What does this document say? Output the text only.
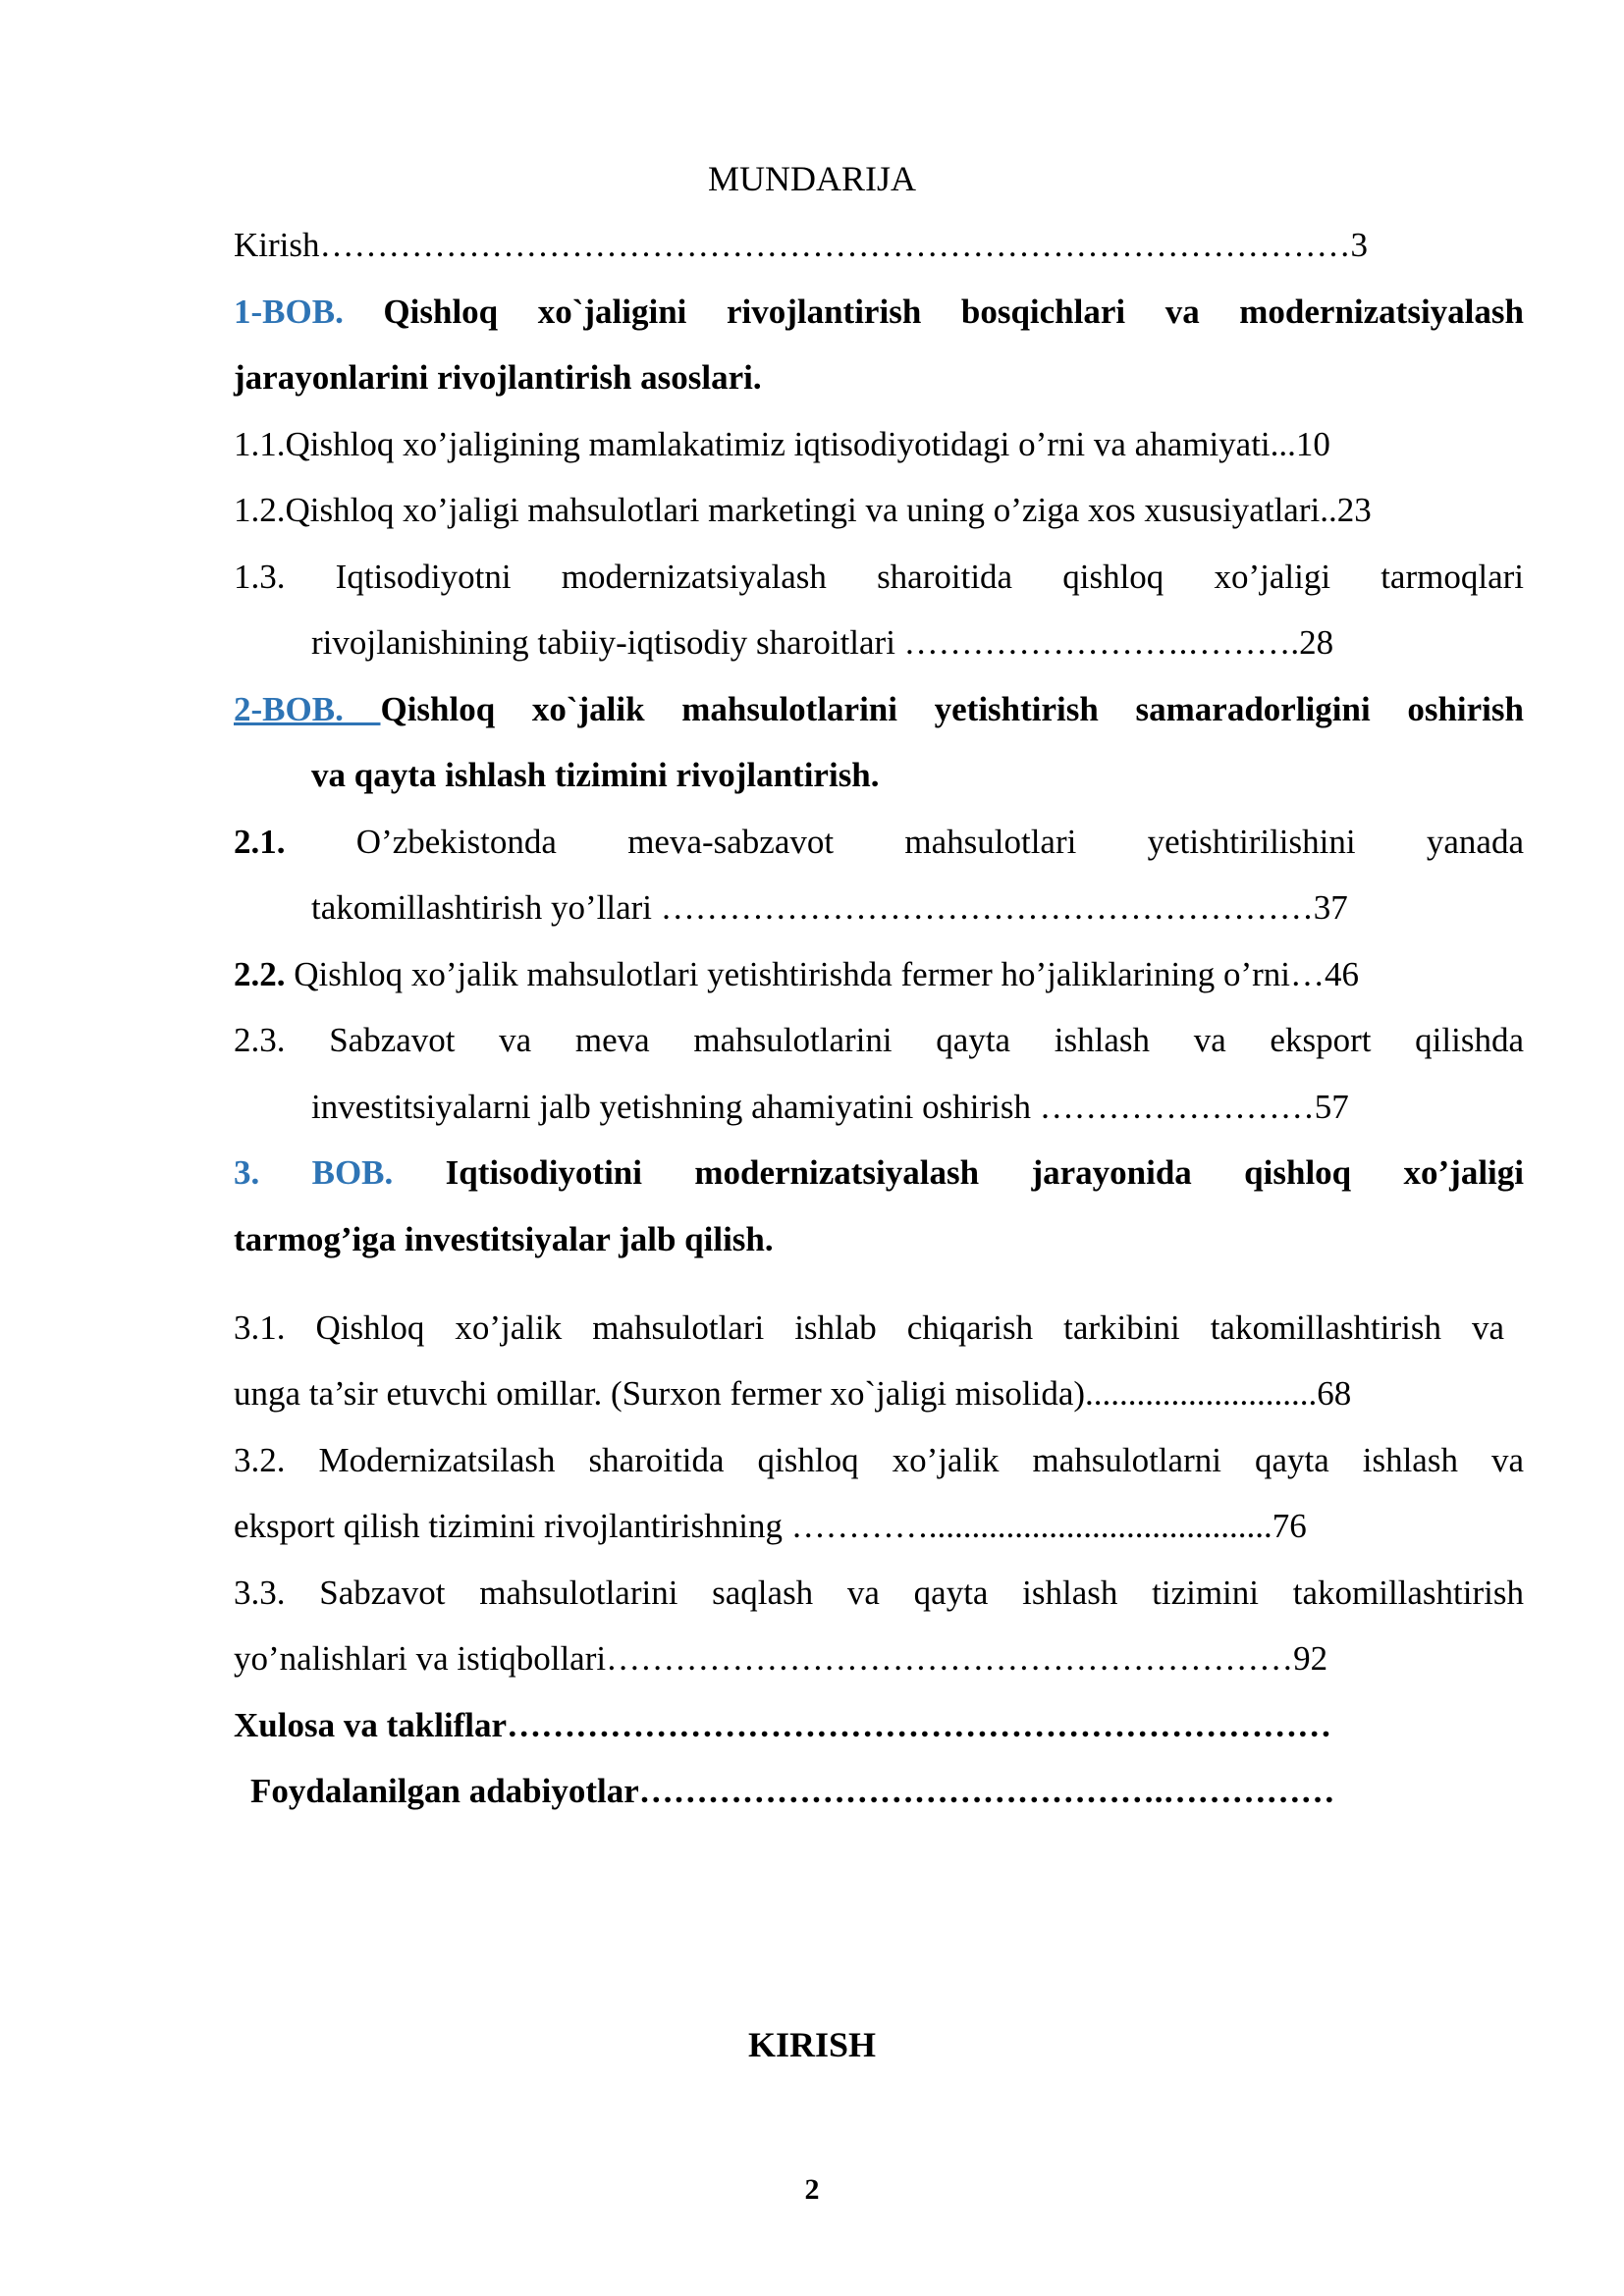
MUNDARIJA
Kirish………………………………………………………………………………3
1-BOB. Qishloq xo`jaligini rivojlantirish bosqichlari va modernizatsiyalash
jarayonlarini rivojlantirish asoslari.
1.1.Qishloq xo’jaligining mamlakatimiz iqtisodiyotidagi o’rni va ahamiyati...10
1.2.Qishloq xo’jaligi mahsulotlari marketingi va uning o’ziga xos xususiyatlari..23
1.3. Iqtisodiyotni modernizatsiyalash sharoitida qishloq xo’jaligi tarmoqlari
rivojlanishining tabiiy-iqtisodiy sharoitlari …………………….……….28
2-BOB. Qishloq xo`jalik mahsulotlarini yetishtirish samaradorligini oshirish
va qayta ishlash tizimini rivojlantirish.
2.1. O’zbekistonda meva-sabzavot mahsulotlari yetishtirilishini yanada
takomillashtirish yo’llari …………………………………………………37
2.2. Qishloq xo’jalik mahsulotlari yetishtirishda fermer ho’jaliklarining o’rni…46
2.3. Sabzavot va meva mahsulotlarini qayta ishlash va eksport qilishda
investitsiyalarni jalb yetishning ahamiyatini oshirish ……………………57
3. BOB. Iqtisodiyotini modernizatsiyalash jarayonida qishloq xo’jaligi
tarmog’iga investitsiyalar jalb qilish.
3.1. Qishloq xo’jalik mahsulotlari ishlab chiqarish tarkibini takomillashtirish va
unga ta’sir etuvchi omillar. (Surxon fermer xo`jaligi misolida)...........................68
3.2. Modernizatsilash sharoitida qishloq xo’jalik mahsulotlarni qayta ishlash va
eksport qilish tizimini rivojlantirishning …………........................................76
3.3. Sabzavot mahsulotlarini saqlash va qayta ishlash tizimini takomillashtirish
yo’nalishlari va istiqbollari……………………………………………………92
Xulosa va takliflar………………………………………………………………
Foydalanilgan adabiyotlar……………………………………….……………
KIRISH
2
